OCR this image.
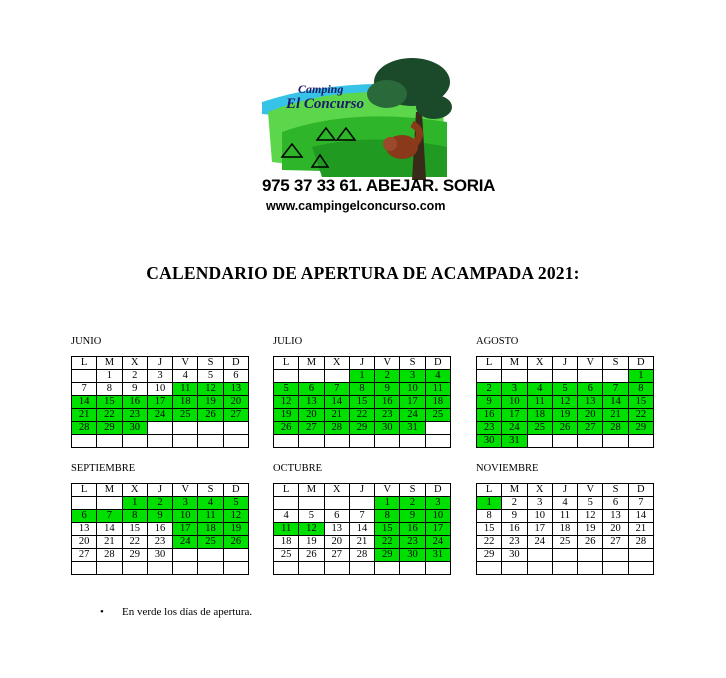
Camping
El Concurso
975 37 33 61. ABEJAR. SORIA
www.campingelconcurso.com
CALENDARIO DE APERTURA DE ACAMPADA 2021:
JUNIO
L	M	X	J	V	S	D
	1	2	3	4	5	6
7	8	9	10	11	12	13
14	15	16	17	18	19	20
21	22	23	24	25	26	27
28	29	30				

JULIO
L	M	X	J	V	S	D
			1	2	3	4
5	6	7	8	9	10	11
12	13	14	15	16	17	18
19	20	21	22	23	24	25
26	27	28	29	30	31	

AGOSTO
L	M	X	J	V	S	D
						1
2	3	4	5	6	7	8
9	10	11	12	13	14	15
16	17	18	19	20	21	22
23	24	25	26	27	28	29
30	31					
SEPTIEMBRE
L	M	X	J	V	S	D
		1	2	3	4	5
6	7	8	9	10	11	12
13	14	15	16	17	18	19
20	21	22	23	24	25	26
27	28	29	30			

OCTUBRE
L	M	X	J	V	S	D
				1	2	3
4	5	6	7	8	9	10
11	12	13	14	15	16	17
18	19	20	21	22	23	24
25	26	27	28	29	30	31

NOVIEMBRE
L	M	X	J	V	S	D
1	2	3	4	5	6	7
8	9	10	11	12	13	14
15	16	17	18	19	20	21
22	23	24	25	26	27	28
29	30					

• En verde los días de apertura.
